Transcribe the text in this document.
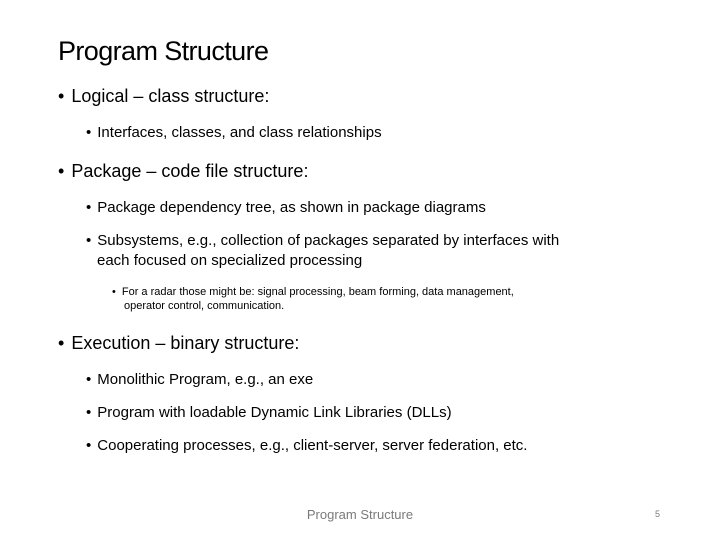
Program Structure
• Logical – class structure:
• Interfaces, classes, and class relationships
• Package – code file structure:
• Package dependency tree, as shown in package diagrams
• Subsystems, e.g., collection of packages separated by interfaces with
each focused on specialized processing
• For a radar those might be: signal processing, beam forming, data management,
operator control, communication.
• Execution – binary structure:
• Monolithic Program, e.g., an exe
• Program with loadable Dynamic Link Libraries (DLLs)
• Cooperating processes, e.g., client-server, server federation, etc.
Program Structure	5
